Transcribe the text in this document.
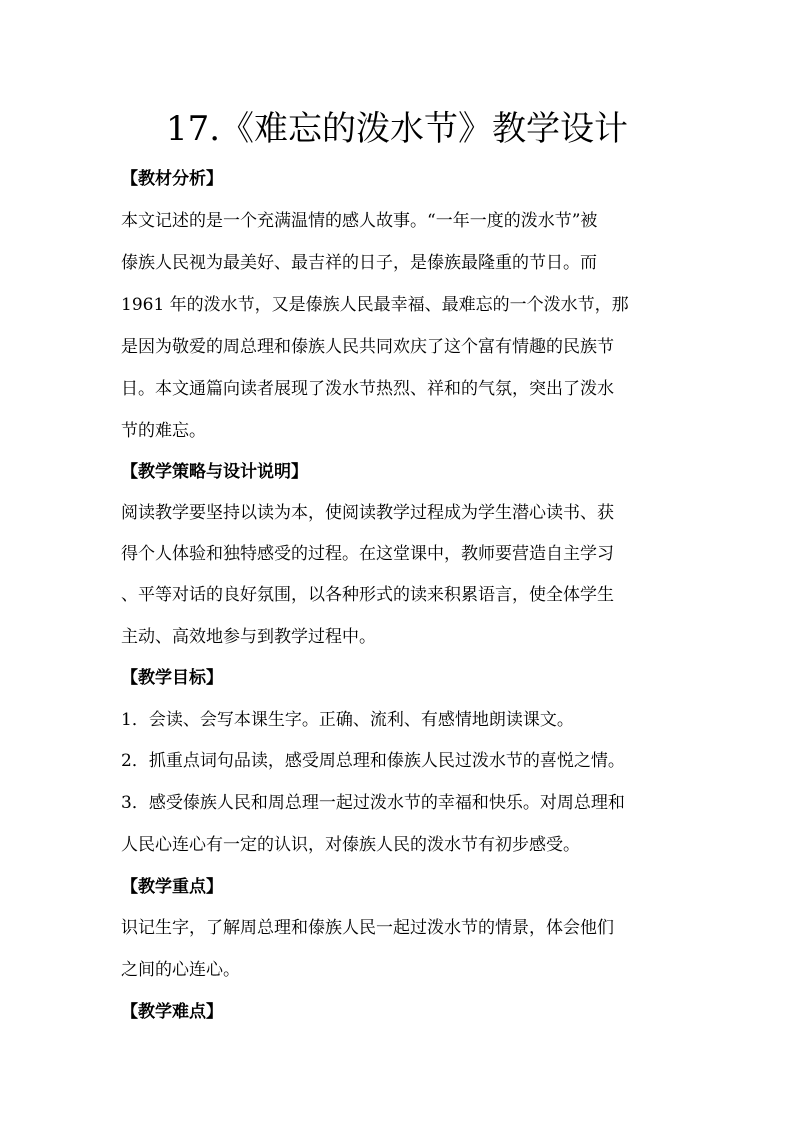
17.《难忘的泼水节》教学设计

【教材分析】

本文记述的是一个充满温情的感人故事。“一年一度的泼水节”被

傣族人民视为最美好、最吉祥的日子，是傣族最隆重的节日。而

1961 年的泼水节，又是傣族人民最幸福、最难忘的一个泼水节，那

是因为敬爱的周总理和傣族人民共同欢庆了这个富有情趣的民族节

日。本文通篇向读者展现了泼水节热烈、祥和的气氛，突出了泼水

节的难忘。

【教学策略与设计说明】

阅读教学要坚持以读为本，使阅读教学过程成为学生潜心读书、获

得个人体验和独特感受的过程。在这堂课中，教师要营造自主学习

、平等对话的良好氛围，以各种形式的读来积累语言，使全体学生

主动、高效地参与到教学过程中。

【教学目标】

1．会读、会写本课生字。正确、流利、有感情地朗读课文。

2．抓重点词句品读，感受周总理和傣族人民过泼水节的喜悦之情。

3．感受傣族人民和周总理一起过泼水节的幸福和快乐。对周总理和

人民心连心有一定的认识，对傣族人民的泼水节有初步感受。

【教学重点】

识记生字，了解周总理和傣族人民一起过泼水节的情景，体会他们

之间的心连心。

【教学难点】
